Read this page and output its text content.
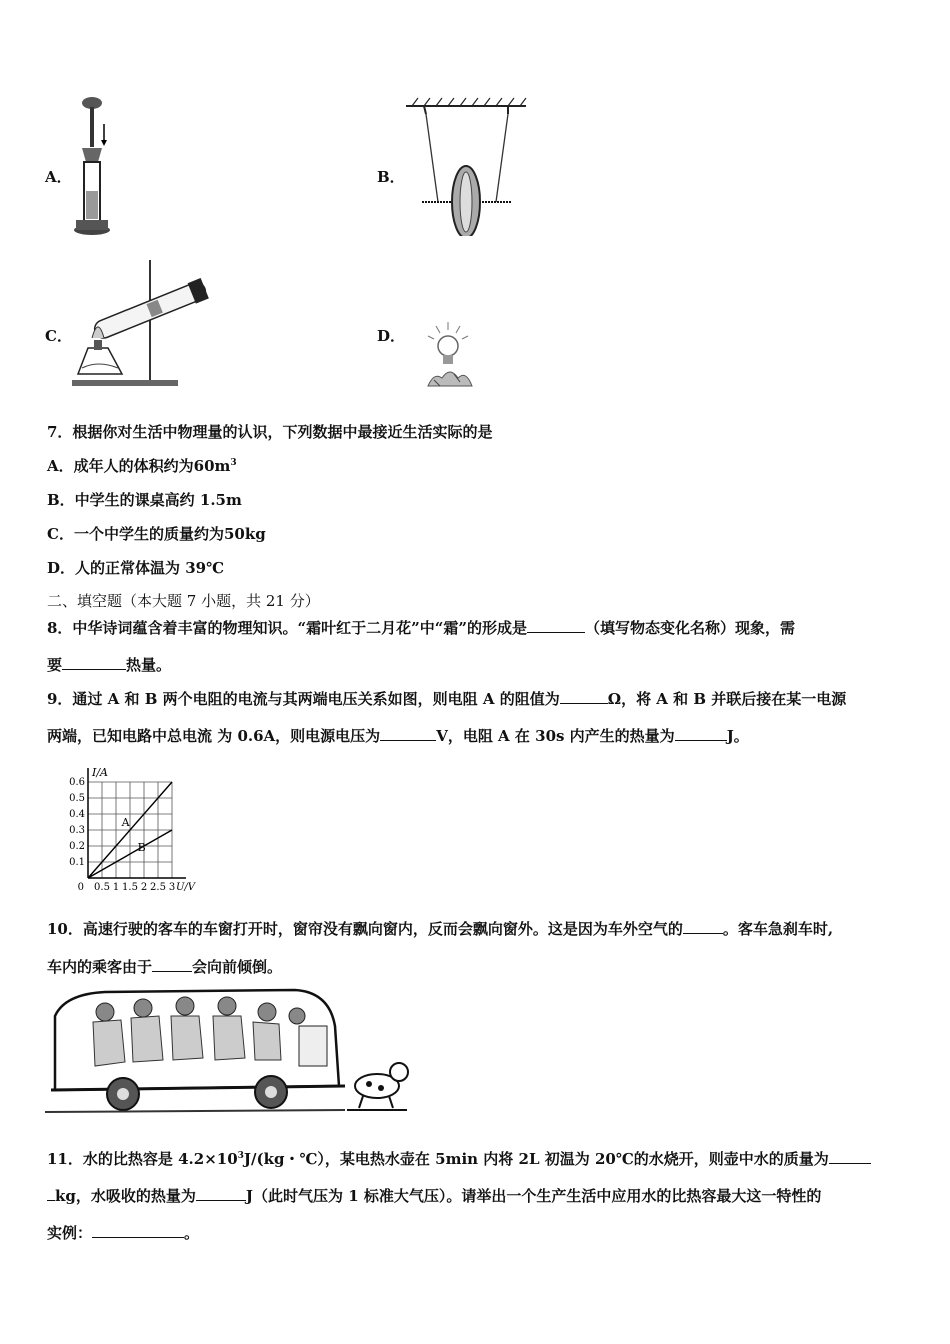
A．	B．
C．	D．
7．根据你对生活中物理量的认识，下列数据中最接近生活实际的是
A．成年人的体积约为$60m^3$
B．中学生的课桌高约 1.5m
C．一个中学生的质量约为50kg
D．人的正常体温为 39℃
二、填空题（本大题 7 小题，共 21 分）
8．中华诗词蕴含着丰富的物理知识。“霜叶红于二月花”中“霜”的形成是	（填写物态变化名称）现象，需
要	热量。
9．通过 A 和 B 两个电阻的电流与其两端电压关系如图，则电阻 A 的阻值为	Ω，将 A 和 B 并联后接在某一电源
两端，已知电路中总电流 为 0.6A，则电源电压为	V，电阻 A 在 30s 内产生的热量为	J。
0.5 1 1.5 2 2.5 3
0.1
0.2
0.3
0.4
0.5
0.6
0
I/A
U/V
A
B
10．高速行驶的客车的车窗打开时，窗帘没有飘向窗内，反而会飘向窗外。这是因为车外空气的	。客车急刹车时,
车内的乘客由于	会向前倾倒。
11．水的比热容是 $4.2\times 10^3J/(kg$・℃），某电热水壶在 5min 内将 2L 初温为 20℃的水烧开，则壶中水的质量为
kg，水吸收的热量为	J（此时气压为 1 标准大气压）。请举出一个生产生活中应用水的比热容最大这一特性的
实例：	。
